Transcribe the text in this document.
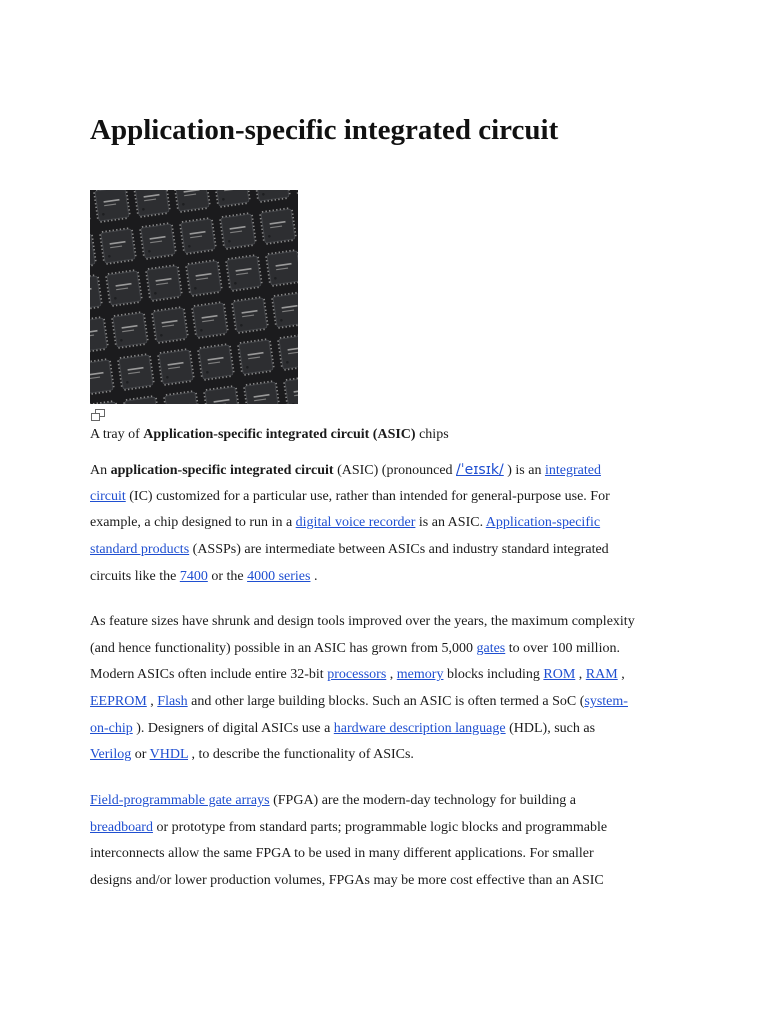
Application-specific integrated circuit

A tray of Application-specific integrated circuit (ASIC) chips

An application-specific integrated circuit (ASIC) (pronounced /ˈeɪsɪk/ ) is an integrated
circuit (IC) customized for a particular use, rather than intended for general-purpose use. For
example, a chip designed to run in a digital voice recorder is an ASIC. Application-specific
standard products (ASSPs) are intermediate between ASICs and industry standard integrated
circuits like the 7400 or the 4000 series .

As feature sizes have shrunk and design tools improved over the years, the maximum complexity
(and hence functionality) possible in an ASIC has grown from 5,000 gates to over 100 million.
Modern ASICs often include entire 32-bit processors , memory blocks including ROM , RAM ,
EEPROM , Flash and other large building blocks. Such an ASIC is often termed a SoC (system-
on-chip ). Designers of digital ASICs use a hardware description language (HDL), such as
Verilog or VHDL , to describe the functionality of ASICs.

Field-programmable gate arrays (FPGA) are the modern-day technology for building a
breadboard or prototype from standard parts; programmable logic blocks and programmable
interconnects allow the same FPGA to be used in many different applications. For smaller
designs and/or lower production volumes, FPGAs may be more cost effective than an ASIC
